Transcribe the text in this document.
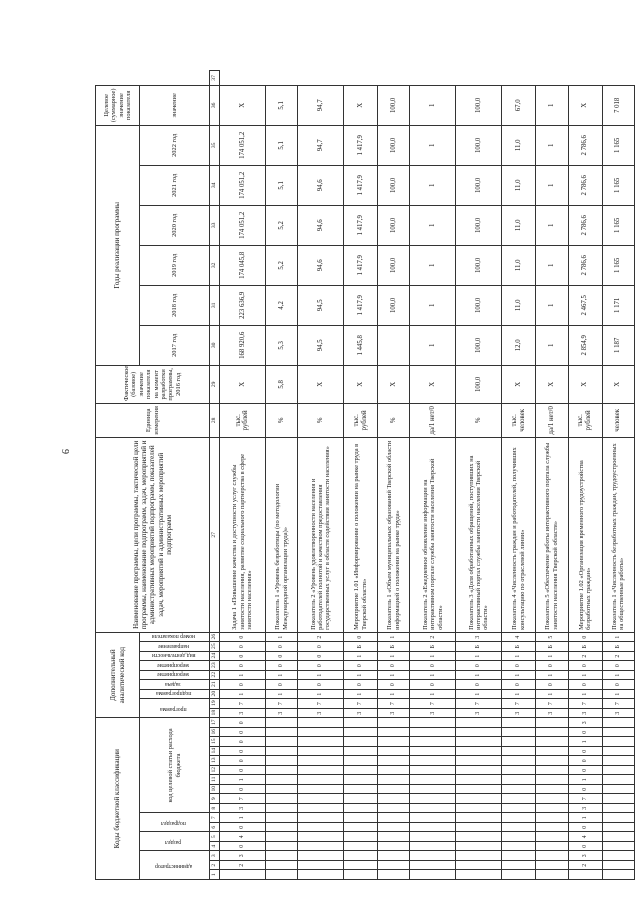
9
Коды бюджетной классификации																	Дополнительный аналитический код									Наименование программы, цели программы, тактической цели программы, наименование подпрограмм, задач, мероприятий и административных мероприятий подпрограмм, показателей задач, мероприятий и административных мероприятий подпрограмм	Единица измерения	Фактическое (базовое) значение показателя на момент разработки программы, 2016 год	Годы реализации программы						Целевое (суммарное) значение показателя	
администратор			раздел		подраздел		код целевой статьи расхода бюджета										программа		подпрограмма	задача	мероприятие	мероприятие	вид деятельности	направление	номер показателя				2017 год	2018 год	2019 год	2020 год	2021 год	2022 год	значение	
1	2	3	4	5	6	7	8	9	10	11	12	13	14	15	16	17	18	19	20	21	22	23	24	25	26	27	28	29	30	31	32	33	34	35	36	37
	2	3	0	4	0	1	3	7	0	1	0	0	0	0	0	0	3	7	1	0	1	0	0	0	0	Задача 1 «Повышение качества и доступности услуг службы занятости населения, развитие социального партнерства в сфере занятости населения»	тыс. рублей	X	168 920,6	223 636,9	174 045,8	174 051,2	174 051,2	174 051,2	X	
																	3	7	1	0	1	0	0	0	1	Показатель 1 «Уровень безработицы (по методологии Международной организации труда)»	%	5,8	5,3	4,2	5,2	5,2	5,1	5,1	5,1	
																	3	7	1	0	1	0	0	0	2	Показатель 2 «Уровень удовлетворенности населения и работодателей полнотой и качеством предоставления государственных услуг в области содействия занятости населения»	%	X	94,5	94,5	94,6	94,6	94,6	94,7	94,7	
																	3	7	1	0	1	0	1	Б	0	Мероприятие 1.01 «Информирование о положении на рынке труда в Тверской области»	тыс. рублей	X	1 445,8	1 417,9	1 417,9	1 417,9	1 417,9	1 417,9	X	
																	3	7	1	0	1	0	1	Б	1	Показатель 1 «Объем муниципальных образований Тверской области информацией о положении на рынке труда»	%	X		100,0	100,0	100,0	100,0	100,0	100,0	
																	3	7	1	0	1	0	1	Б	2	Показатель 2 «Ежедневное обновление информации на интерактивном портале службы занятости населения Тверской области»	да/1 нет/0	X	1	1	1	1	1	1	1	
																	3	7	1	0	1	0	1	Б	3	Показатель 3 «Доля обработанных обращений, поступивших на интерактивный портал службы занятости населения Тверской области»	%	100,0	100,0	100,0	100,0	100,0	100,0	100,0	100,0	
																	3	7	1	0	1	0	1	Б	4	Показатель 4 «Численность граждан и работодателей, получивших консультацию по отраслевой линии»	тыс. человек	X	12,0	11,0	11,0	11,0	11,0	11,0	67,0	
																	3	7	1	0	1	0	1	Б	5	Показатель 5 «Обеспечение работы интерактивного портала службы занятости населения Тверской области»	да/1 нет/0	X	1	1	1	1	1	1	1	
	2	3	0	4	0	1	3	7	0	1	0	0	0	1	0	3	3	7	1	0	1	0	2	Б	0	Мероприятие 1.02 «Организация временного трудоустройства безработных граждан»	тыс. рублей	X	2 854,9	2 467,5	2 786,6	2 786,6	2 786,6	2 786,6	X	
																	3	7	1	0	1	0	2	Б	1	Показатель 1 «Численность безработных граждан, трудоустроенных на общественные работы»	человек	X	1 187	1 171	1 165	1 165	1 165	1 165	7 018	
